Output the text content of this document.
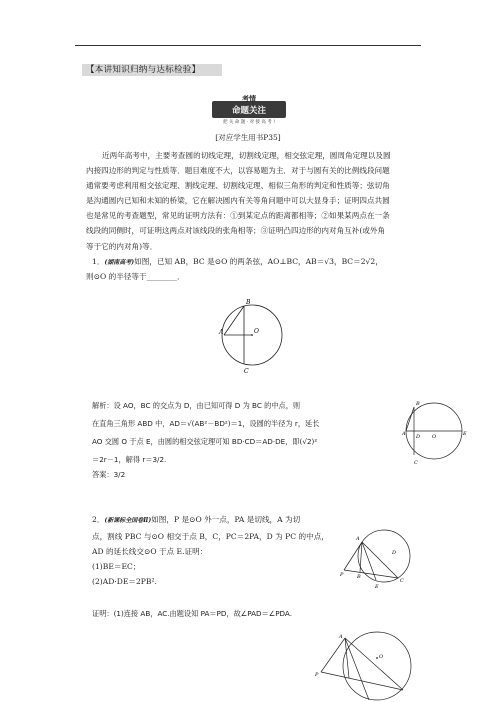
【本讲知识归纳与达标检验】
考情
命题关注
把 关 命 题 · 对 接 高 考 !
[对应学生用书P35]

近两年高考中，主要考查圆的切线定理，切割线定理，相交弦定理，圆周角定理以及圆

内接四边形的判定与性质等．题目难度不大，以容易题为主．对于与圆有关的比例线段问题

通常要考虑利用相交弦定理、割线定理、切割线定理、相似三角形的判定和性质等；弦切角

是沟通圆内已知和未知的桥梁，它在解决圆内有关等角问题中可以大显身手；证明四点共圆

也是常见的考查题型，常见的证明方法有：①到某定点的距离都相等；②如果某两点在一条

线段的同侧时，可证明这两点对该线段的张角相等；③证明凸四边形的内对角互补(或外角

等于它的内对角)等．

1．(湖南高考)如图，已知 AB，BC 是⊙O 的两条弦，AO⊥BC，AB＝√3，BC＝2√2，
则⊙O 的半径等于________．
B
A	O
C
解析：设 AO，BC 的交点为 D，由已知可得 D 为 BC 的中点，则
在直角三角形 ABD 中，AD＝√(AB²－BD²)＝1，设圆的半径为 r，延长
AO 交圆 O 于点 E，由圆的相交弦定理可知 BD·CD＝AD·DE，即(√2)²
＝2r－1，解得 r＝3/2.
B
A D O	E
C
答案：3/2
2．(新课标全国卷Ⅱ)如图，P 是⊙O 外一点，PA 是切线，A 为切
点，割线 PBC 与⊙O 相交于点 B，C，PC＝2PA，D 为 PC 的中点，
AD 的延长线交⊙O 于点 E.证明：
(1)BE＝EC；
(2)AD·DE＝2PB².
A
D
P	B
E
C
证明：(1)连接 AB，AC.由题设知 PA＝PD，故∠PAD＝∠PDA.
A
O
P
